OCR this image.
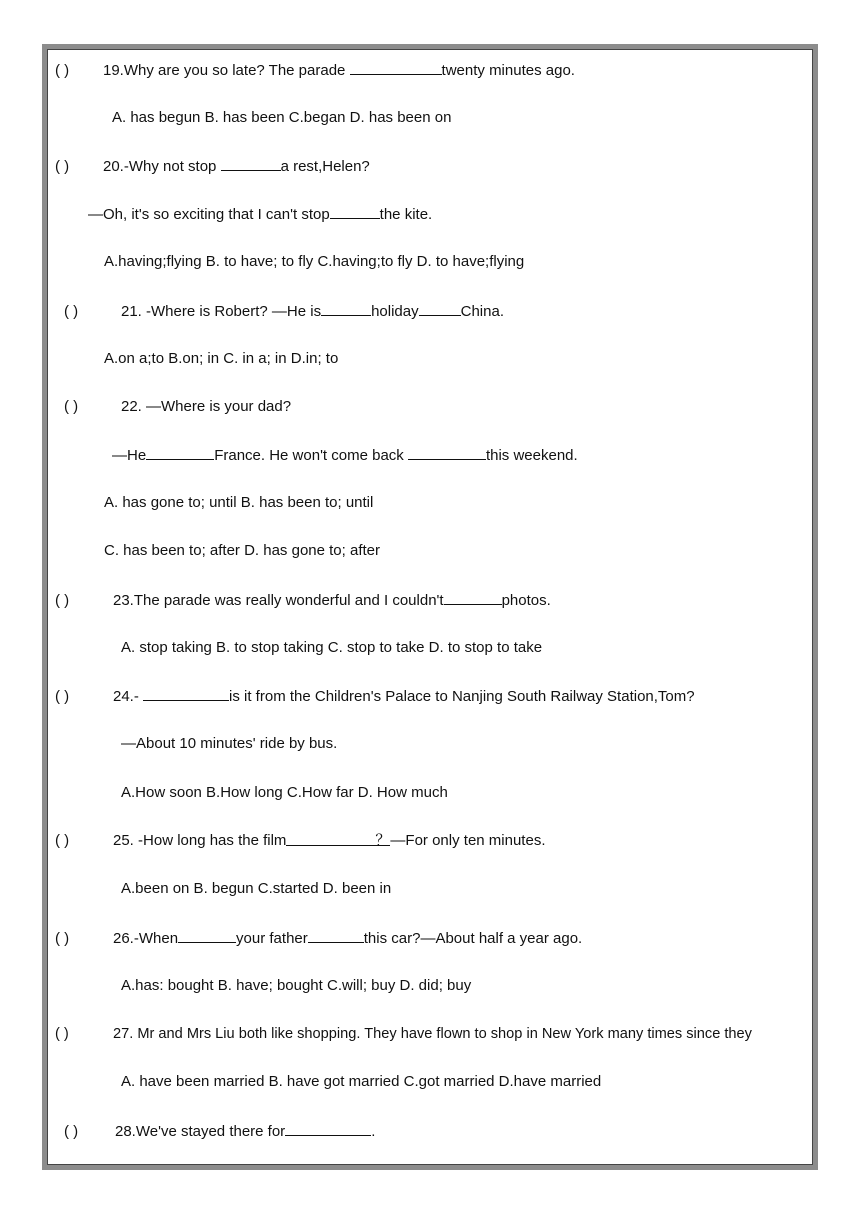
( ) 19.Why are you so late? The parade	twenty minutes ago.
A. has begun B. has been C.began D. has been on
( ) 20.-Why not stop	a rest,Helen?
—Oh, it's so exciting that I can't stop	the kite.
A.having;flying B. to have; to fly C.having;to fly D. to have;flying
( )	21. -Where is Robert? —He is	holiday	China.
A.on a;to B.on; in C. in a; in D.in; to
( )	22. —Where is your dad?
—He	France. He won't come back	this weekend.
A. has gone to; until B. has been to; until
C. has been to; after D. has gone to; after
( )	23.The parade was really wonderful and I couldn't	photos.
A. stop taking B. to stop taking C. stop to take D. to stop to take
( )	24.-	is it from the Children's Palace to Nanjing South Railway Station,Tom?
—About 10 minutes' ride by bus.
A.How soon B.How long C.How far D. How much
( )	25. -How long has the film	？—For only ten minutes.
A.been on B. begun C.started D. been in
( )	26.-When	your father	this car?—About half a year ago.
A.has: bought B. have; bought C.will; buy D. did; buy
( )	27. Mr and Mrs Liu both like shopping. They have flown to shop in New York many times since they
A. have been married B. have got married C.got married D.have married
( ) 28.We've stayed there for	.
